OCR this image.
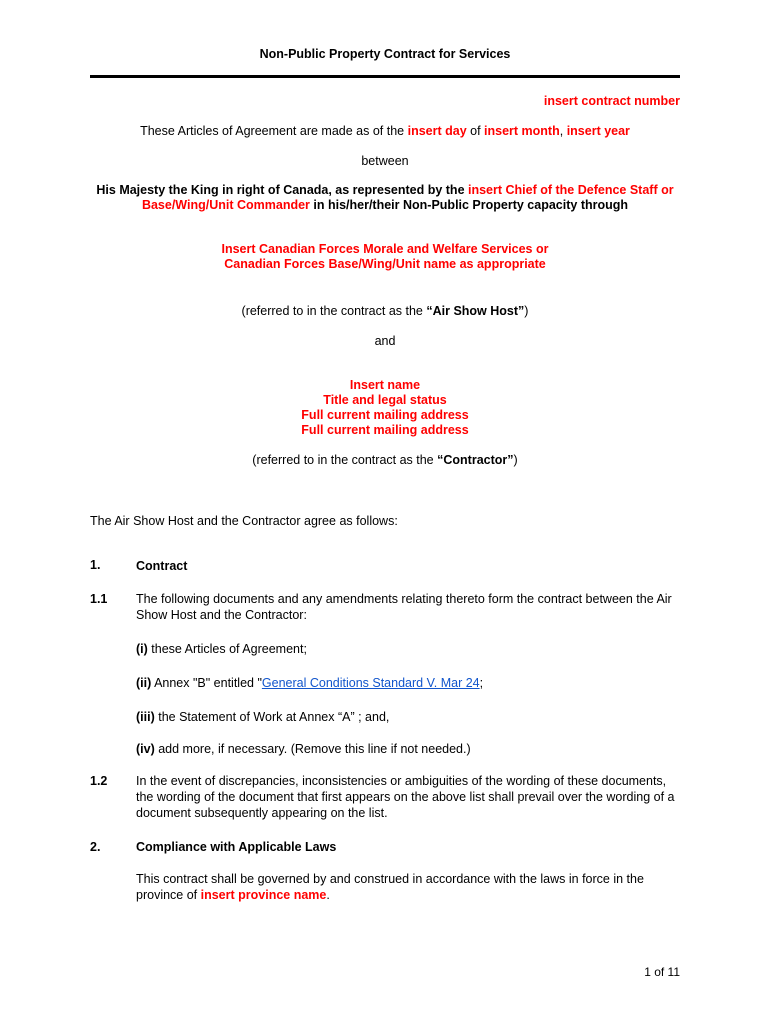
Non-Public Property Contract for Services
insert contract number
These Articles of Agreement are made as of the insert day of insert month, insert year
between
His Majesty the King in right of Canada, as represented by the insert Chief of the Defence Staff or
Base/Wing/Unit Commander in his/her/their Non-Public Property capacity through
Insert Canadian Forces Morale and Welfare Services or
Canadian Forces Base/Wing/Unit name as appropriate
(referred to in the contract as the “Air Show Host”)
and
Insert name
Title and legal status
Full current mailing address
Full current mailing address
(referred to in the contract as the “Contractor”)
The Air Show Host and the Contractor agree as follows:
1.	Contract
1.1 The following documents and any amendments relating thereto form the contract between the Air Show Host and the Contractor:
(i) these Articles of Agreement;
(ii) Annex "B" entitled "General Conditions Standard V. Mar 24;
(iii) the Statement of Work at Annex “A” ; and,
(iv) add more, if necessary. (Remove this line if not needed.)
1.2 In the event of discrepancies, inconsistencies or ambiguities of the wording of these documents, the wording of the document that first appears on the above list shall prevail over the wording of a document subsequently appearing on the list.
2.	Compliance with Applicable Laws
This contract shall be governed by and construed in accordance with the laws in force in the province of insert province name.
1 of 11
